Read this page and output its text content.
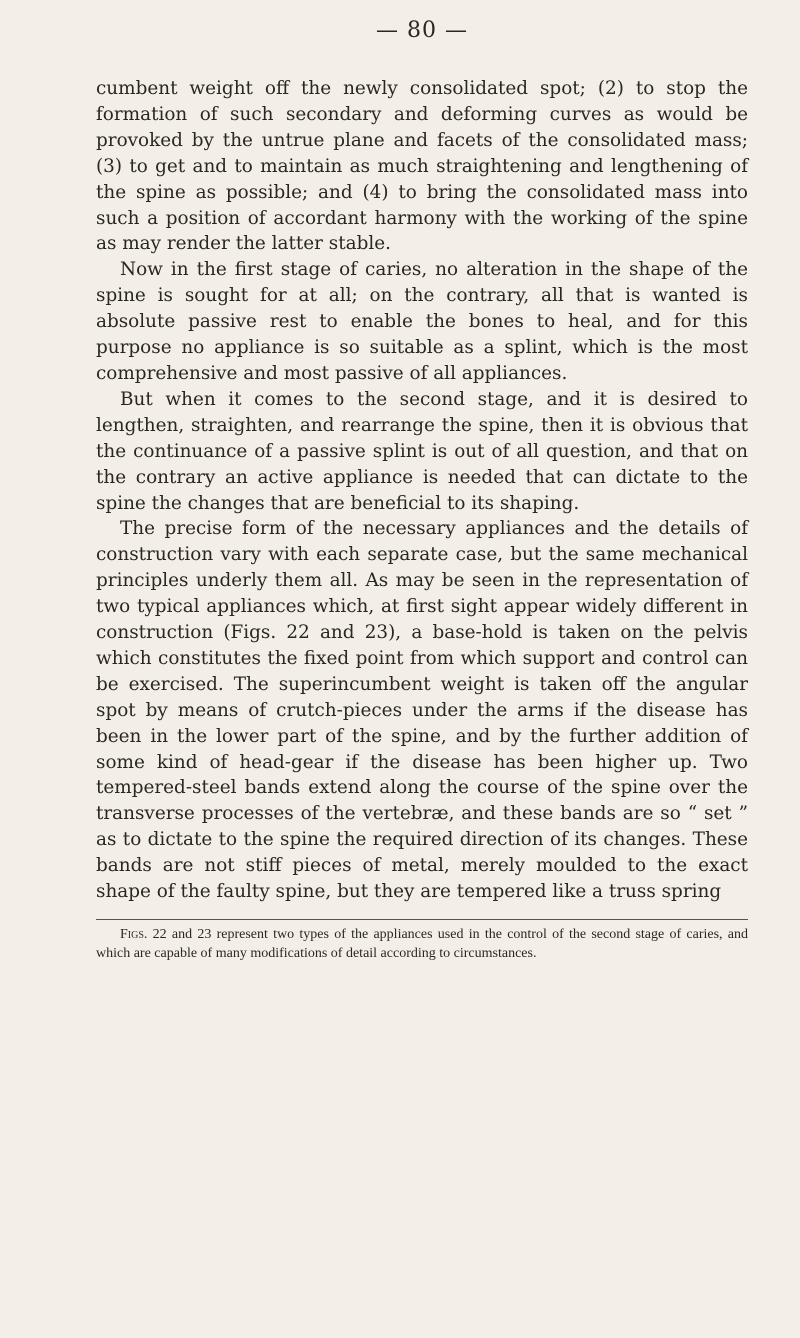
— 80 —

cumbent weight off the newly consolidated spot; (2) to stop the formation of such secondary and deforming curves as would be provoked by the untrue plane and facets of the consolidated mass; (3) to get and to maintain as much straightening and lengthening of the spine as possible; and (4) to bring the consolidated mass into such a position of accordant harmony with the working of the spine as may render the latter stable.

Now in the first stage of caries, no alteration in the shape of the spine is sought for at all; on the contrary, all that is wanted is absolute passive rest to enable the bones to heal, and for this purpose no appliance is so suitable as a splint, which is the most comprehensive and most passive of all appliances.

But when it comes to the second stage, and it is desired to lengthen, straighten, and rearrange the spine, then it is obvious that the continuance of a passive splint is out of all question, and that on the contrary an active appliance is needed that can dictate to the spine the changes that are beneficial to its shaping.

The precise form of the necessary appliances and the details of construction vary with each separate case, but the same mechanical principles underly them all. As may be seen in the representation of two typical appliances which, at first sight appear widely different in construction (Figs. 22 and 23), a base-hold is taken on the pelvis which constitutes the fixed point from which support and control can be exercised. The superincumbent weight is taken off the angular spot by means of crutch-pieces under the arms if the disease has been in the lower part of the spine, and by the further addition of some kind of head-gear if the disease has been higher up. Two tempered-steel bands extend along the course of the spine over the transverse processes of the vertebræ, and these bands are so “ set ” as to dictate to the spine the required direction of its changes. These bands are not stiff pieces of metal, merely moulded to the exact shape of the faulty spine, but they are tempered like a truss spring

Figs. 22 and 23 represent two types of the appliances used in the control of the second stage of caries, and which are capable of many modifications of detail according to circumstances.
